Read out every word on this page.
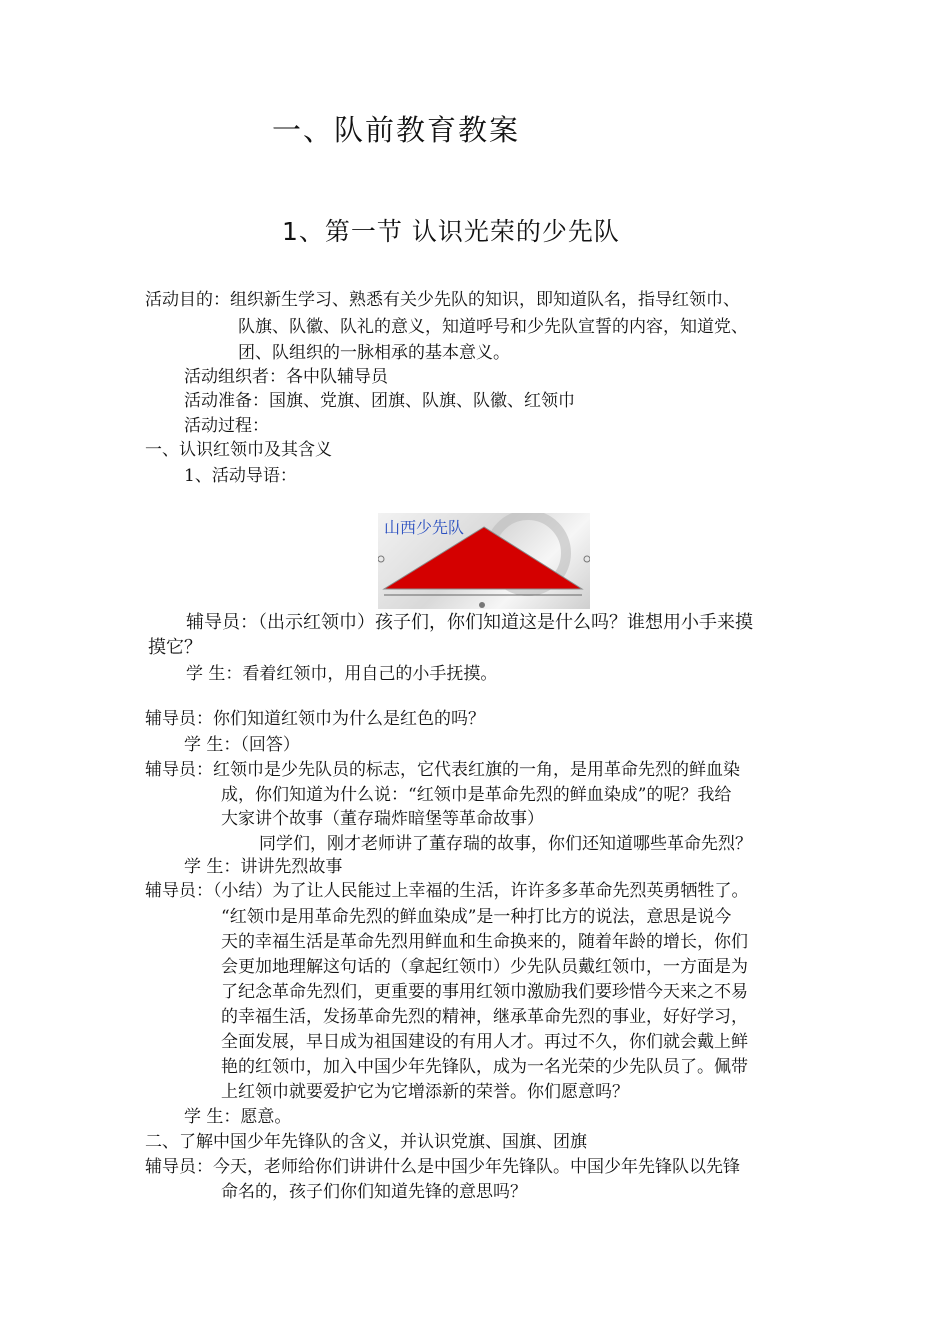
一、队前教育教案
1、第一节 认识光荣的少先队
活动目的：组织新生学习、熟悉有关少先队的知识，即知道队名，指导红领巾、
队旗、队徽、队礼的意义，知道呼号和少先队宣誓的内容，知道党、
团、队组织的一脉相承的基本意义。
活动组织者：各中队辅导员
活动准备：国旗、党旗、团旗、队旗、队徽、红领巾
活动过程：
一、认识红领巾及其含义
1、活动导语：
山西少先队
辅导员：（出示红领巾）孩子们，你们知道这是什么吗？谁想用小手来摸
摸它？
学 生：看着红领巾，用自己的小手抚摸。
辅导员：你们知道红领巾为什么是红色的吗？
学 生：（回答）
辅导员：红领巾是少先队员的标志，它代表红旗的一角，是用革命先烈的鲜血染
成，你们知道为什么说：“红领巾是革命先烈的鲜血染成”的呢？我给
大家讲个故事（董存瑞炸暗堡等革命故事）
同学们，刚才老师讲了董存瑞的故事，你们还知道哪些革命先烈？
学 生：讲讲先烈故事
辅导员：（小结）为了让人民能过上幸福的生活，许许多多革命先烈英勇牺牲了。
“红领巾是用革命先烈的鲜血染成”是一种打比方的说法，意思是说今
天的幸福生活是革命先烈用鲜血和生命换来的，随着年龄的增长，你们
会更加地理解这句话的（拿起红领巾）少先队员戴红领巾，一方面是为
了纪念革命先烈们，更重要的事用红领巾激励我们要珍惜今天来之不易
的幸福生活，发扬革命先烈的精神，继承革命先烈的事业，好好学习，
全面发展，早日成为祖国建设的有用人才。再过不久，你们就会戴上鲜
艳的红领巾，加入中国少年先锋队，成为一名光荣的少先队员了。佩带
上红领巾就要爱护它为它增添新的荣誉。你们愿意吗？
学 生：愿意。
二、了解中国少年先锋队的含义，并认识党旗、国旗、团旗
辅导员：今天，老师给你们讲讲什么是中国少年先锋队。中国少年先锋队以先锋
命名的，孩子们你们知道先锋的意思吗？
